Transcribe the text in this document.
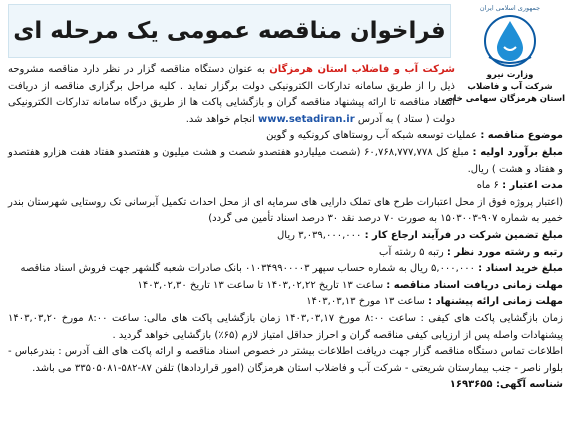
جمهوری اسلامی ایران
وزارت نیرو
شرکت آب و فاضلاب
استان هرمزگان سهامی خاص
فراخوان مناقصه عمومی یک مرحله ای

شرکت آب و فاضلاب استان هرمزگان به عنوان دستگاه مناقصه گزار در نظر دارد مناقصه مشروحه ذیل را از طریق سامانه تدارکات الکترونیکی دولت برگزار نماید . کلیه مراحل برگزاری مناقصه از دریافت اسناد مناقصه تا ارائه پیشنهاد مناقصه گران و بازگشایی پاکت ها از طریق درگاه سامانه تدارکات الکترونیکی دولت ( ستاد ) به آدرس www.setadiran.ir انجام خواهد شد.

موضوع مناقصه : عملیات توسعه شبکه آب روستاهای کرونکیه و گوین

مبلغ برآورد اولیه : مبلغ کل ۶۰,۷۶۸,۷۷۷,۷۷۸ (شصت میلیاردو هفتصدو شصت و هشت میلیون و هفتصدو هفتاد هفت هزارو هفتصدو و هفتاد و هشت ) ریال.

مدت اعتبار : ۶ ماه

(اعتبار پروژه فوق از محل اعتبارات طرح های تملک دارایی های سرمایه ای از محل احداث تکمیل آبرسانی تک روستایی شهرستان بندر خمیر به شماره ۹۰۷-۱۵۰۳۰۰۳ به صورت ۷۰ درصد نقد ۳۰ درصد اسناد تأمین می گردد)

مبلغ تضمین شرکت در فرآیند ارجاع کار : ۳,۰۳۹,۰۰۰,۰۰۰ ریال

رتبه و رشته مورد نظر : رتبه ۵ رشته آب

مبلغ خرید اسناد : ۵,۰۰۰,۰۰۰ ریال به شماره حساب سپهر ۰۱۰۳۴۹۹۰۰۰۰۳ بانک صادرات شعبه گلشهر جهت فروش اسناد مناقصه

مهلت زمانی دریافت اسناد مناقصه : ساعت ۱۳ تاریخ ۱۴۰۳,۰۲,۲۲ تا ساعت ۱۳ تاریخ ۱۴۰۳,۰۲,۳۰

مهلت زمانی ارائه پیشنهاد : ساعت ۱۳ مورخ ۱۴۰۳,۰۳,۱۳

زمان بازگشایی پاکت های کیفی : ساعت ۸:۰۰ مورخ ۱۴۰۳,۰۳,۱۷ زمان بازگشایی پاکت های مالی: ساعت ۸:۰۰ مورخ ۱۴۰۳,۰۳,۲۰ پیشنهادات واصله پس از ارزیابی کیفی مناقصه گران و احراز حداقل امتیاز لازم (۶۵٪) بازگشایی خواهد گردید .

اطلاعات تماس دستگاه مناقصه گزار جهت دریافت اطلاعات بیشتر در خصوص اسناد مناقصه و ارائه پاکت های الف آدرس : بندرعباس - بلوار ناصر - جنب بیمارستان شریعتی - شرکت آب و فاضلاب استان هرمزگان (امور قراردادها) تلفن ۸۷-۵۸۲-۳۳۵۰۵۰۸۱ می باشد.

شناسه آگهی: ۱۶۹۳۶۵۵
